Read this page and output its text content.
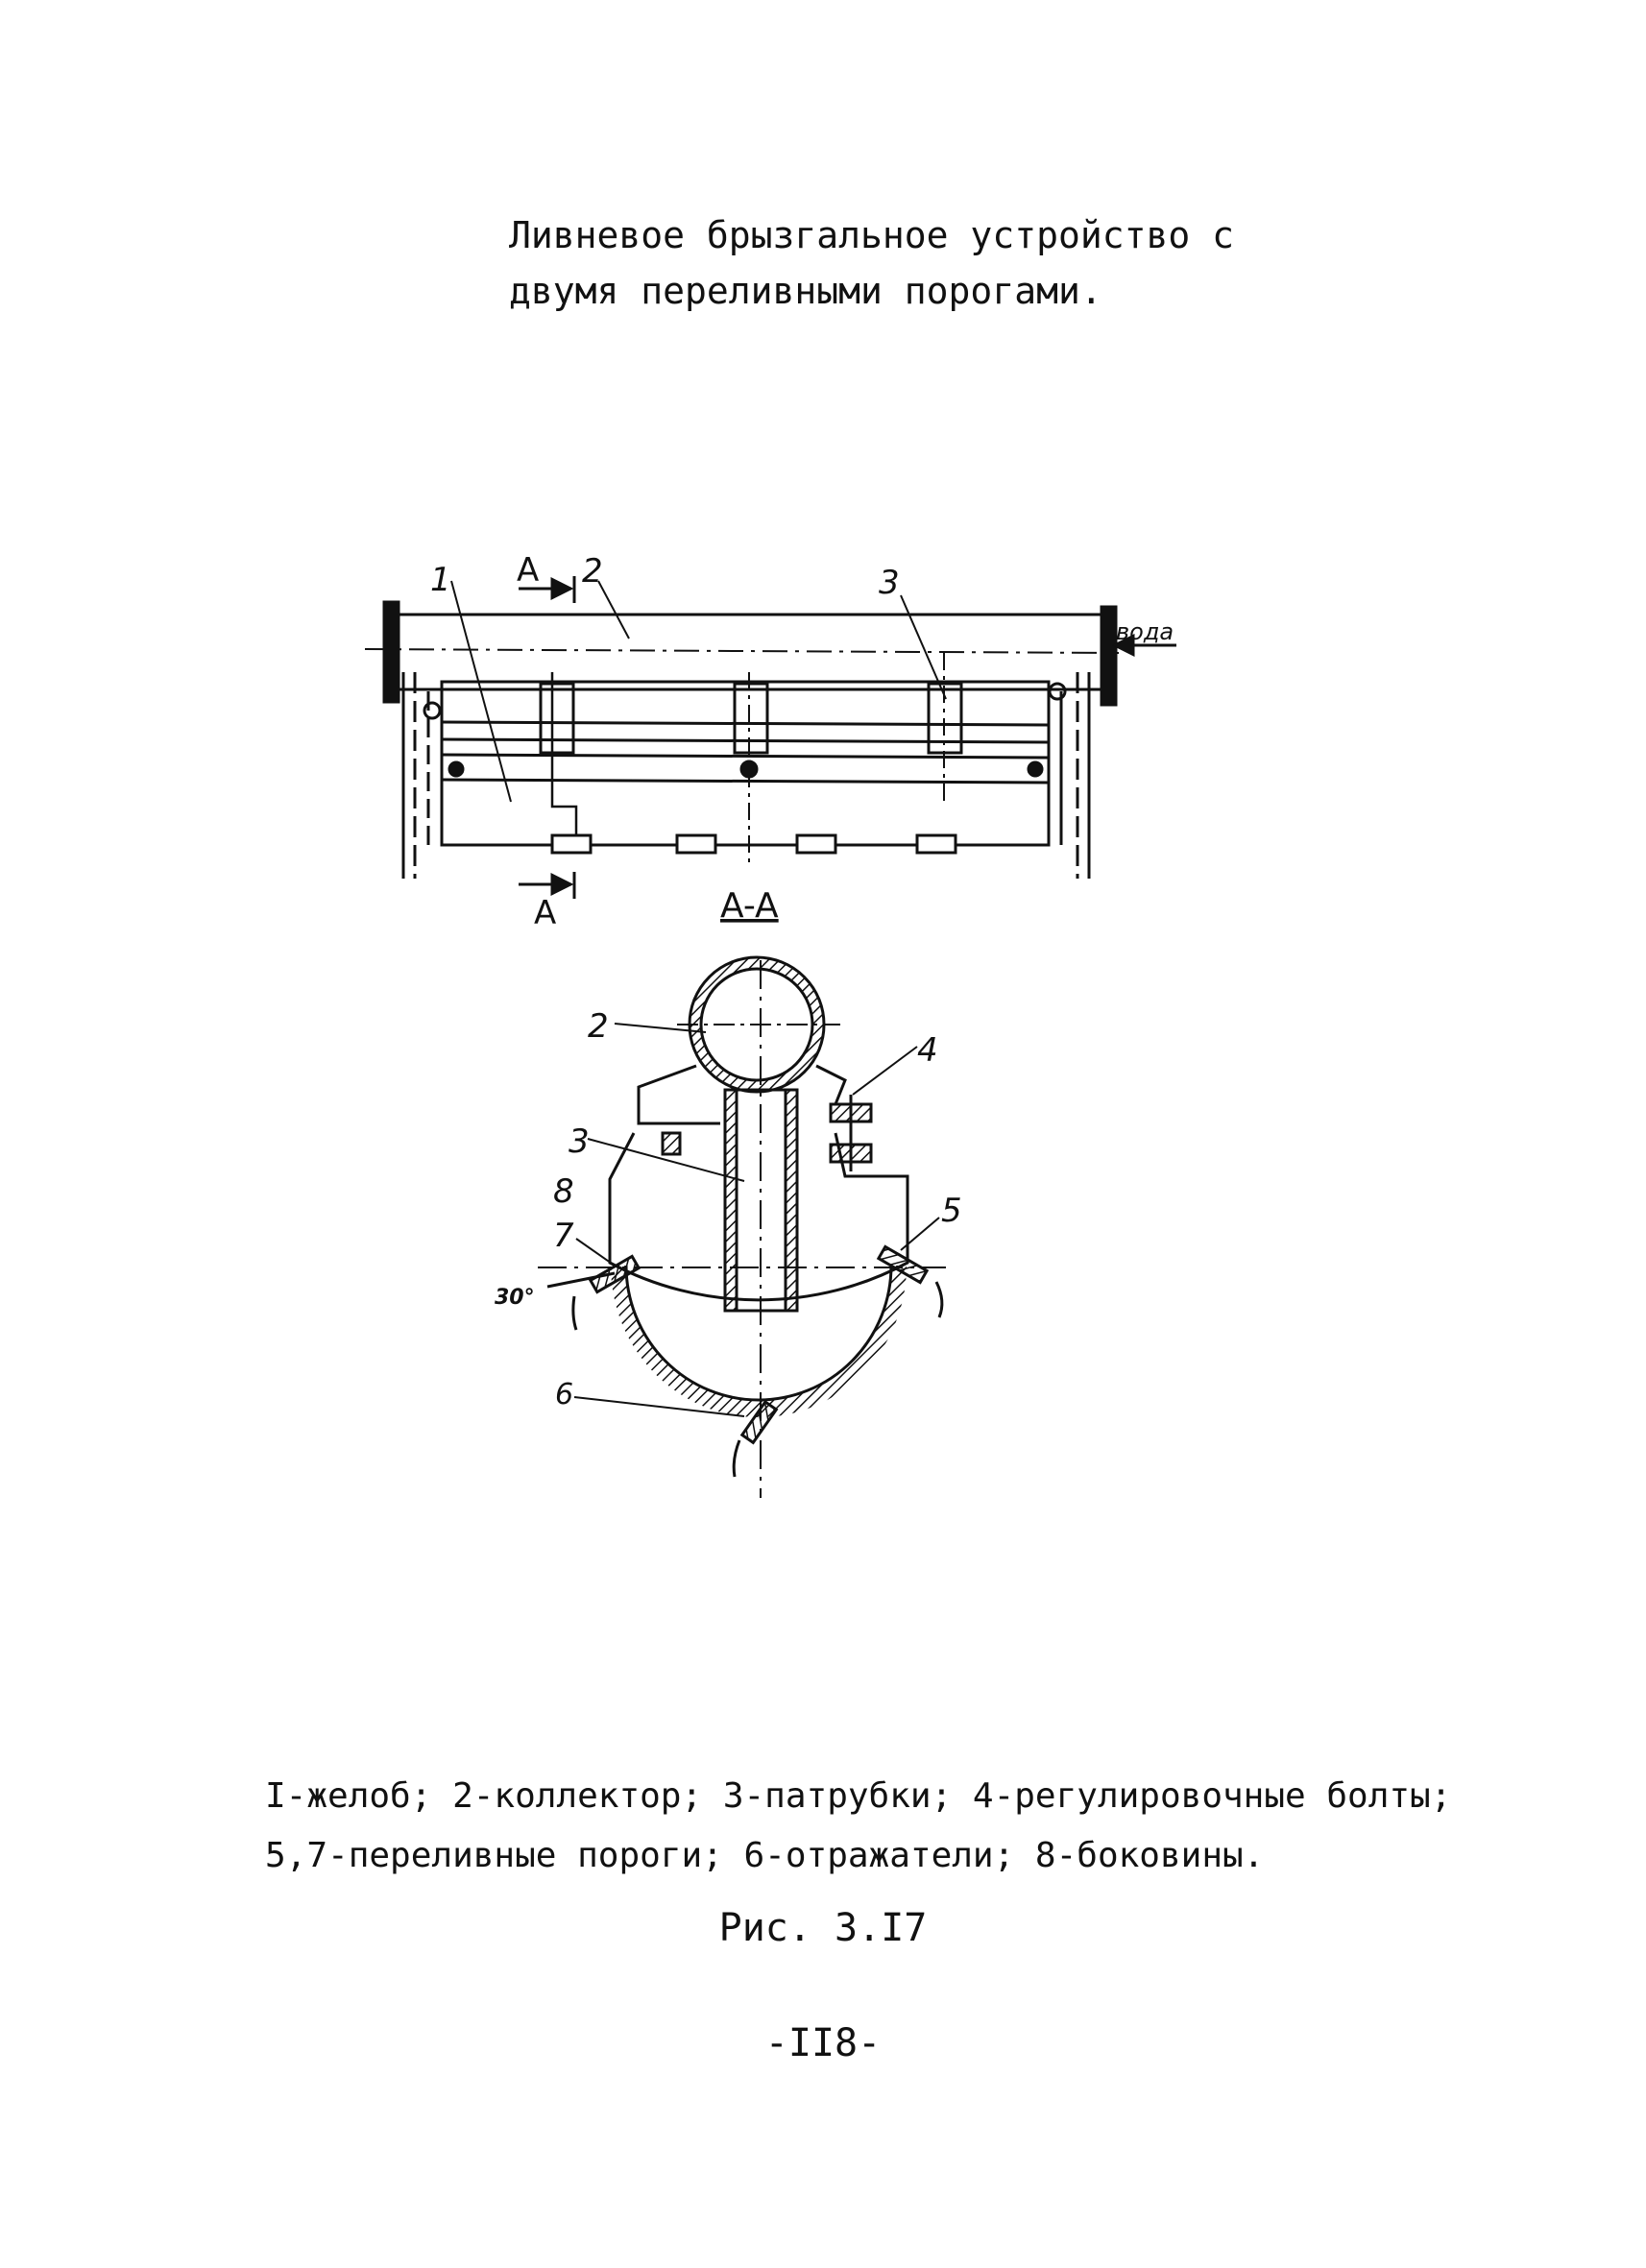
Ливневое брызгальное устройство с
двумя переливными порогами.
1	2	3
A
A
вода
A-A
2
3
4
5
6
7
8
30°
I-желоб; 2-коллектор; 3-патрубки; 4-регулировочные болты;
5,7-переливные пороги; 6-отражатели; 8-боковины.
Рис. 3.I7
-II8-
